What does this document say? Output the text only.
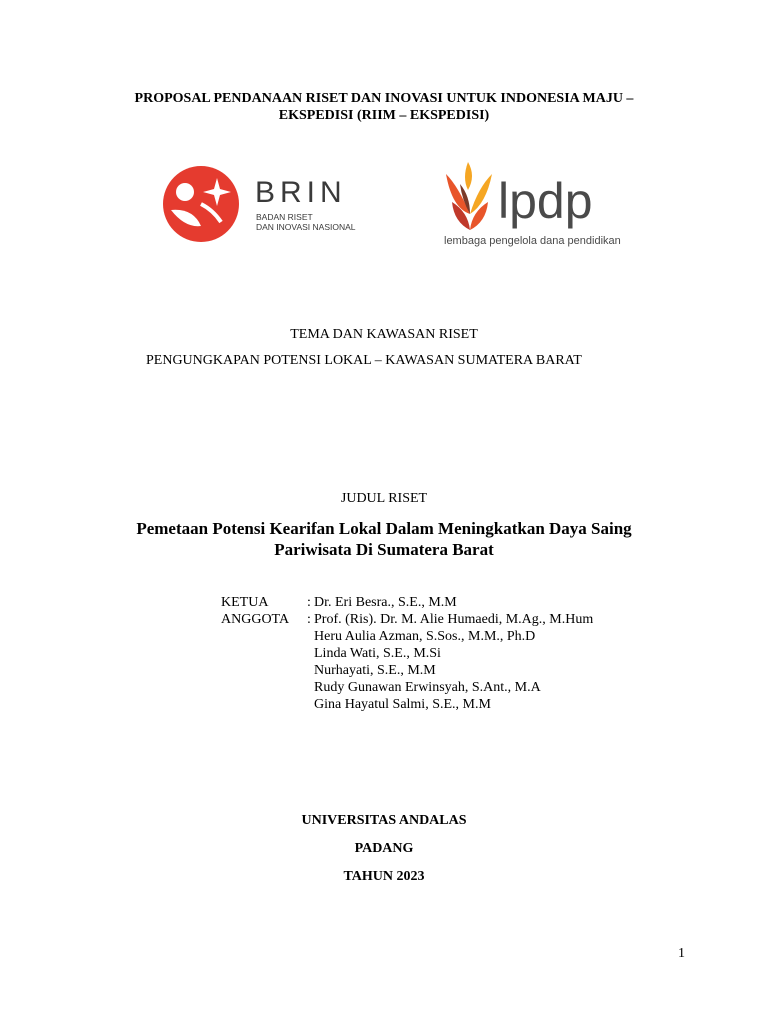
PROPOSAL PENDANAAN RISET DAN INOVASI UNTUK INDONESIA MAJU –
EKSPEDISI (RIIM – EKSPEDISI)
BRIN
BADAN RISET
DAN INOVASI NASIONAL	lpdp
lembaga pengelola dana pendidikan
TEMA DAN KAWASAN RISET
PENGUNGKAPAN POTENSI LOKAL – KAWASAN SUMATERA BARAT
JUDUL RISET
Pemetaan Potensi Kearifan Lokal Dalam Meningkatkan Daya Saing
Pariwisata Di Sumatera Barat
KETUA	: Dr. Eri Besra., S.E., M.M
ANGGOTA	: Prof. (Ris). Dr. M. Alie Humaedi, M.Ag., M.Hum
Heru Aulia Azman, S.Sos., M.M., Ph.D
Linda Wati, S.E., M.Si
Nurhayati, S.E., M.M
Rudy Gunawan Erwinsyah, S.Ant., M.A
Gina Hayatul Salmi, S.E., M.M
UNIVERSITAS ANDALAS
PADANG
TAHUN 2023
1
